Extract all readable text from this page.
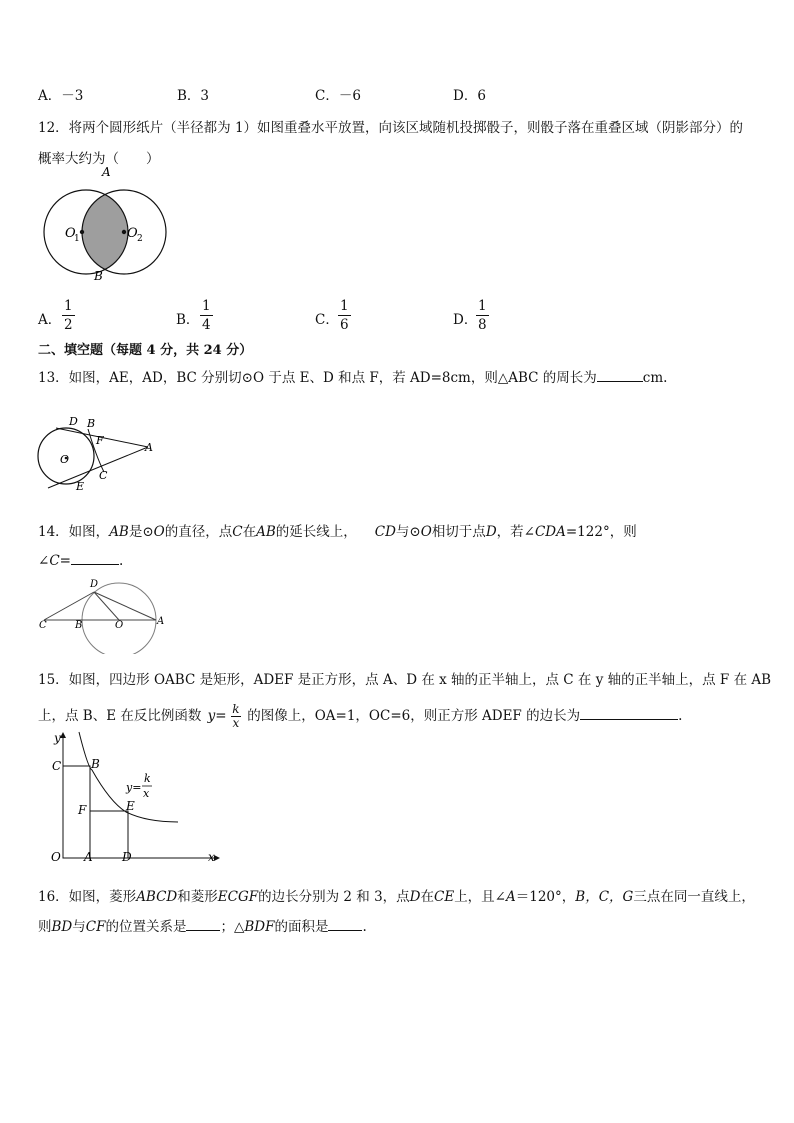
A．－3	B．3	C．－6	D．6
12．将两个圆形纸片（半径都为 1）如图重叠水平放置，向该区域随机投掷骰子，则骰子落在重叠区域（阴影部分）的
概率大约为（　　）
A
B
O
1	O 2
A．
1
2	B．
1
4	C．
1
6	D．
1
8
二、填空题（每题 4 分，共 24 分）
13．如图，AE，AD，BC 分别切⊙O 于点 E、D 和点 F，若 AD=8cm，则△ABC 的周长为	cm.
D B
F
A
O
C
E
14．如图，AB是⊙O的直径，点C在AB的延长线上， CD与⊙O相切于点D，若∠CDA=122°，则
∠C=	.
D
C	B	O	A
15．如图，四边形 OABC 是矩形，ADEF 是正方形，点 A、D 在 x 轴的正半轴上，点 C 在 y 轴的正半轴上，点 F 在 AB
上，点 B、E 在反比例函数 $y= \frac{k}{x}$ 的图像上，OA=1，OC=6，则正方形 ADEF 的边长为	.
y
x
O A D
C B
F	E
y=
k
x
16．如图，菱形ABCD和菱形ECGF的边长分别为 2 和 3，点D在CE上，且∠A＝120°，B，C，G三点在同一直线上，
则BD与CF的位置关系是	；△BDF的面积是	.
